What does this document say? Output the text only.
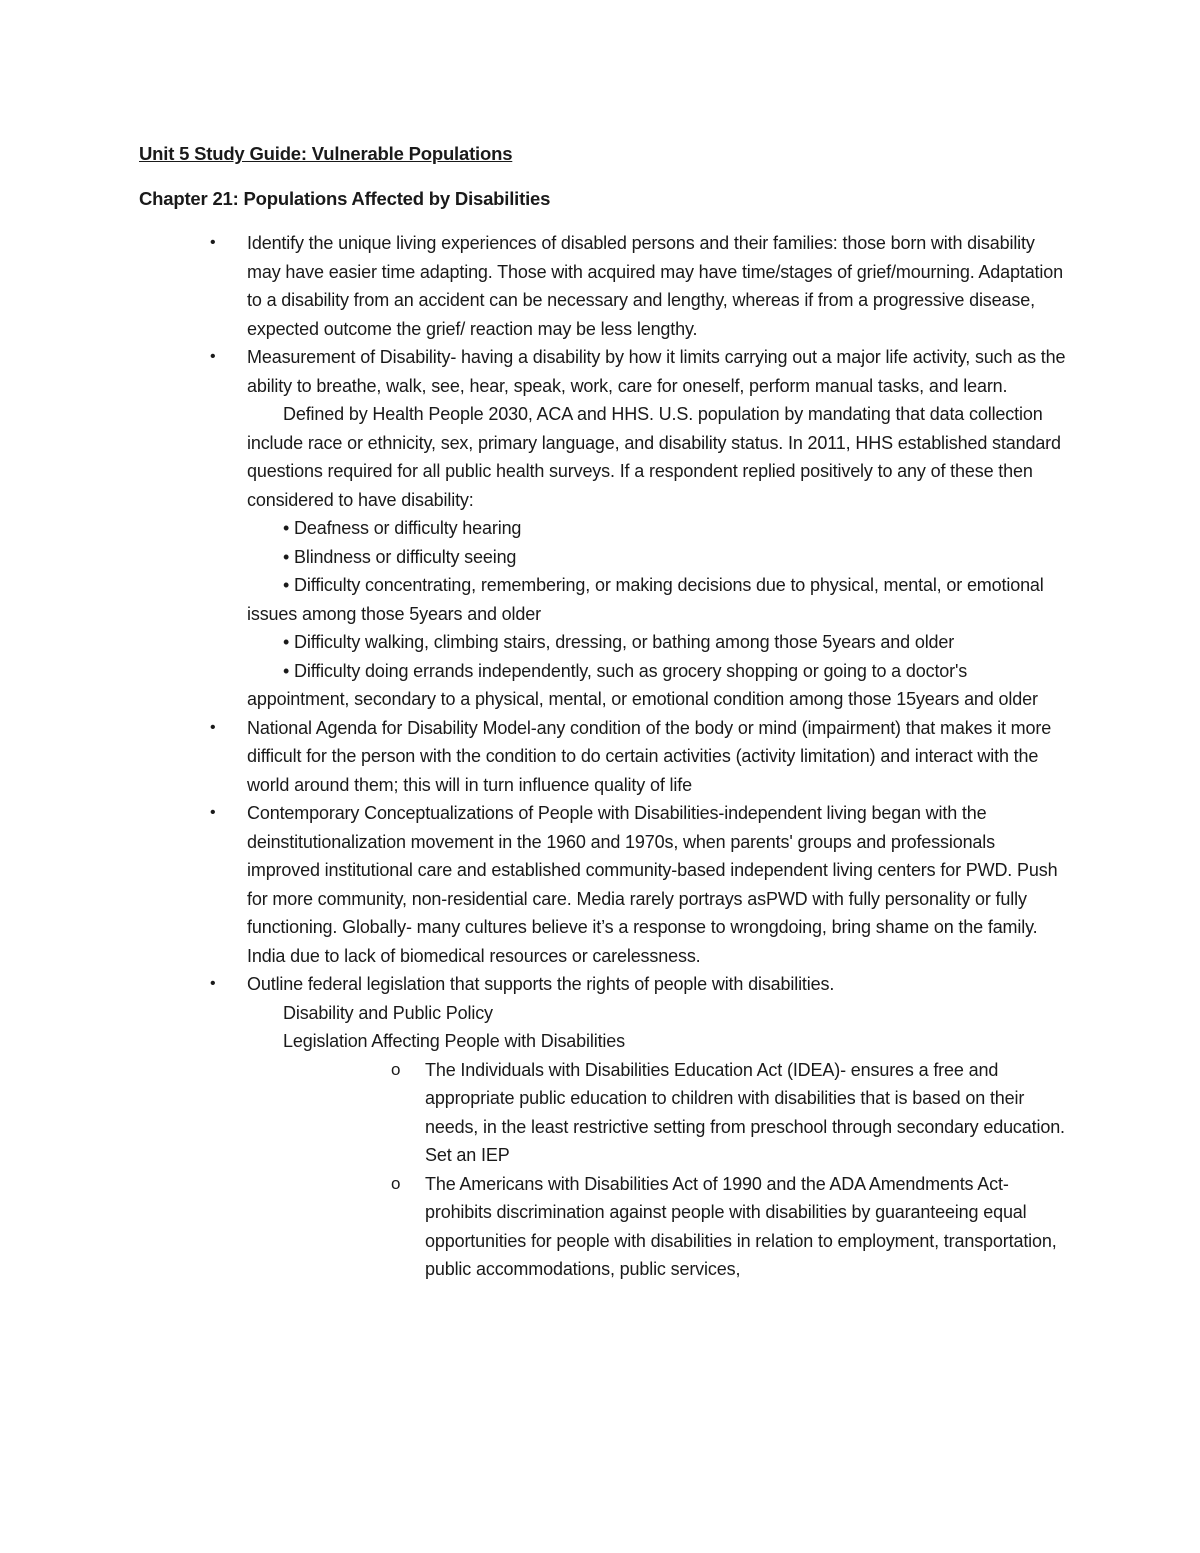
Unit 5 Study Guide: Vulnerable Populations
Chapter 21: Populations Affected by Disabilities
• Identify the unique living experiences of disabled persons and their families: those born with disability may have easier time adapting. Those with acquired may have time/stages of grief/mourning. Adaptation to a disability from an accident can be necessary and lengthy, whereas if from a progressive disease, expected outcome the grief/ reaction may be less lengthy.
• Measurement of Disability- having a disability by how it limits carrying out a major life activity, such as the ability to breathe, walk, see, hear, speak, work, care for oneself, perform manual tasks, and learn.
Defined by Health People 2030, ACA and HHS. U.S. population by mandating that data collection include race or ethnicity, sex, primary language, and disability status. In 2011, HHS established standard questions required for all public health surveys. If a respondent replied positively to any of these then considered to have disability:
• Deafness or difficulty hearing
• Blindness or difficulty seeing
• Difficulty concentrating, remembering, or making decisions due to physical, mental, or emotional issues among those 5years and older
• Difficulty walking, climbing stairs, dressing, or bathing among those 5years and older
• Difficulty doing errands independently, such as grocery shopping or going to a doctor's appointment, secondary to a physical, mental, or emotional condition among those 15years and older
• National Agenda for Disability Model-any condition of the body or mind (impairment) that makes it more difficult for the person with the condition to do certain activities (activity limitation) and interact with the world around them; this will in turn influence quality of life
• Contemporary Conceptualizations of People with Disabilities-independent living began with the deinstitutionalization movement in the 1960 and 1970s, when parents' groups and professionals improved institutional care and established community-based independent living centers for PWD. Push for more community, non-residential care. Media rarely portrays asPWD with fully personality or fully functioning. Globally- many cultures believe it’s a response to wrongdoing, bring shame on the family. India due to lack of biomedical resources or carelessness.
• Outline federal legislation that supports the rights of people with disabilities.
Disability and Public Policy
Legislation Affecting People with Disabilities
o The Individuals with Disabilities Education Act (IDEA)- ensures a free and appropriate public education to children with disabilities that is based on their needs, in the least restrictive setting from preschool through secondary education. Set an IEP
o The Americans with Disabilities Act of 1990 and the ADA Amendments Act- prohibits discrimination against people with disabilities by guaranteeing equal opportunities for people with disabilities in relation to employment, transportation, public accommodations, public services,
